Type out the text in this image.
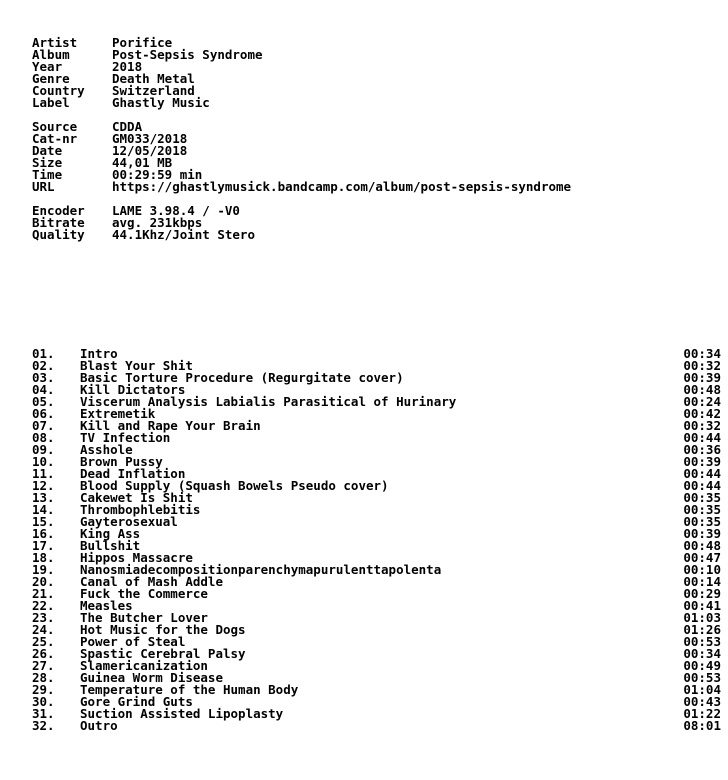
Artist	Porifice
Album	Post-Sepsis Syndrome
Year	2018
Genre	Death Metal
Country	Switzerland
Label	Ghastly Music
Source	CDDA
Cat-nr	GM033/2018
Date	12/05/2018
Size	44,01 MB
Time	00:29:59 min
URL	https://ghastlymusick.bandcamp.com/album/post-sepsis-syndrome
Encoder	LAME 3.98.4 / -V0
Bitrate	avg. 231kbps
Quality	44.1Khz/Joint Stero
01.	Intro	00:34
02.	Blast Your Shit	00:32
03.	Basic Torture Procedure (Regurgitate cover)	00:39
04.	Kill Dictators	00:48
05.	Viscerum Analysis Labialis Parasitical of Hurinary	00:24
06.	Extremetik	00:42
07.	Kill and Rape Your Brain	00:32
08.	TV Infection	00:44
09.	Asshole	00:36
10.	Brown Pussy	00:39
11.	Dead Inflation	00:44
12.	Blood Supply (Squash Bowels Pseudo cover)	00:44
13.	Cakewet Is Shit	00:35
14.	Thrombophlebitis	00:35
15.	Gayterosexual	00:35
16.	King Ass	00:39
17.	Bullshit	00:48
18.	Hippos Massacre	00:47
19.	Nanosmiadecompositionparenchymapurulenttapolenta	00:10
20.	Canal of Mash Addle	00:14
21.	Fuck the Commerce	00:29
22.	Measles	00:41
23.	The Butcher Lover	01:03
24.	Hot Music for the Dogs	01:26
25.	Power of Steal	00:53
26.	Spastic Cerebral Palsy	00:34
27.	Slamericanization	00:49
28.	Guinea Worm Disease	00:53
29.	Temperature of the Human Body	01:04
30.	Gore Grind Guts	00:43
31.	Suction Assisted Lipoplasty	01:22
32.	Outro	08:01
